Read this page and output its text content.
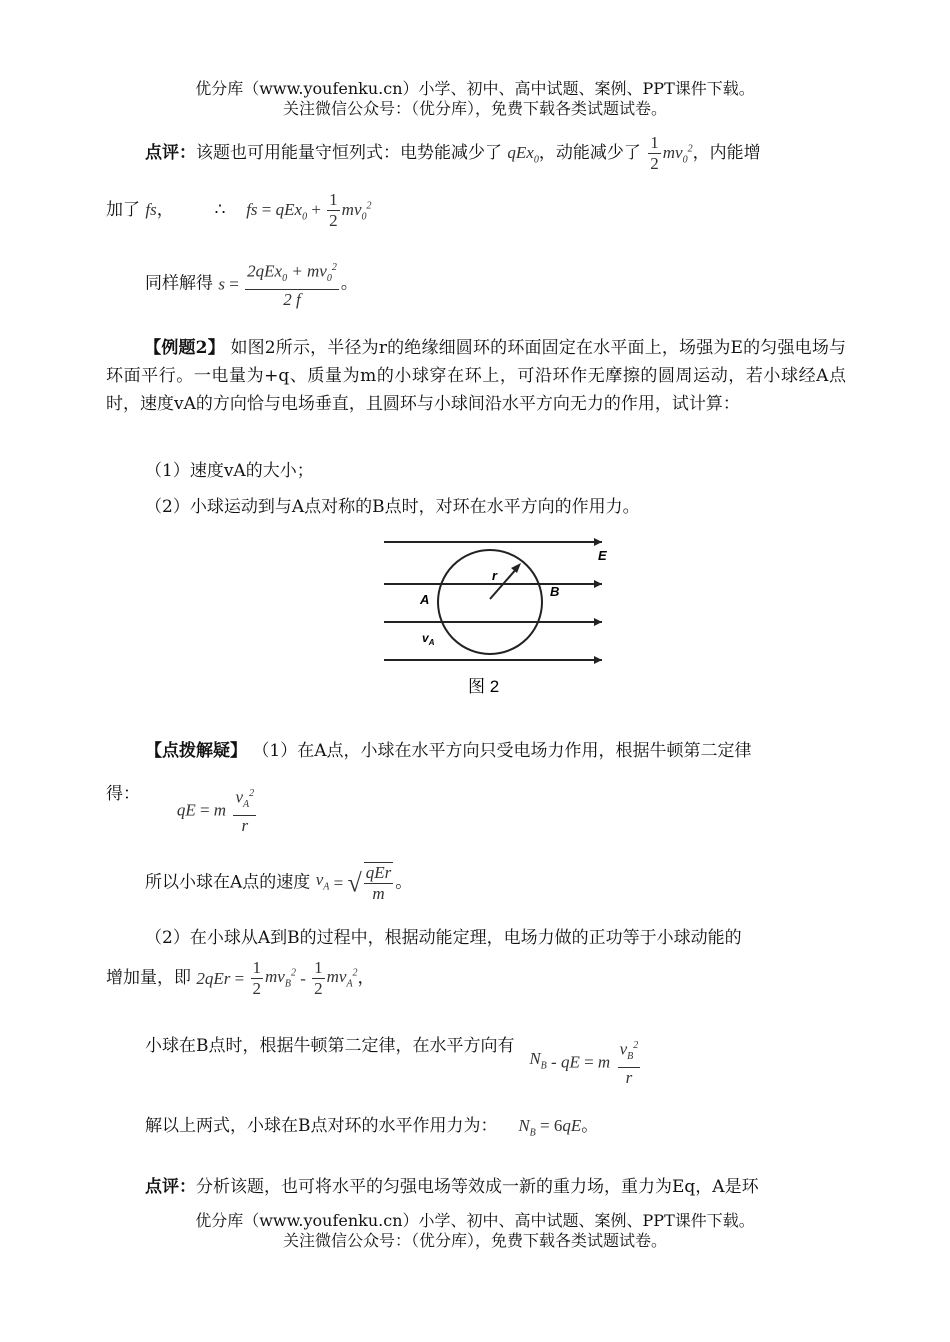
优分库（www.youfenku.cn）小学、初中、高中试题、案例、PPT课件下载。
关注微信公众号：（优分库），免费下载各类试题试卷。
点评：该题也可用能量守恒列式：电势能减少了 qEx$_0$，动能减少了 $\frac{1}{2} mv_0^2$，内能增
加了 fs， ∴ fs = $qEx_0 + \frac{1}{2} mv_0^2$
同样解得 $s = \frac{2qEx_0 + mv_0^2}{2 f}$ 。
【例题2】 如图2所示，半径为r的绝缘细圆环的环面固定在水平面上，场强为E的匀强电场与环面平行。一电量为+q、质量为m的小球穿在环上，可沿环作无摩擦的圆周运动，若小球经A点时，速度vA的方向恰与电场垂直，且圆环与小球间沿水平方向无力的作用，试计算：
（1）速度vA的大小；
（2）小球运动到与A点对称的B点时，对环在水平方向的作用力。
E
r
A
B
$v_A$
图 2
【点拨解疑】 （1）在A点，小球在水平方向只受电场力作用，根据牛顿第二定律
得：  qE = m $\frac{v_A^2}{r}$
所以小球在A点的速度 $v_A$ = √ $\frac{\text{qEr}}{m}$ 。
（2）在小球从A到B的过程中，根据动能定理，电场力做的正功等于小球动能的
增加量，即 $2qEr = \frac{1}{2} mv_B^2 - \frac{1}{2} mv_A^2$，
小球在B点时，根据牛顿第二定律，在水平方向有  $N_B$ - qE = m $\frac{v_B^2}{r}$
解以上两式，小球在B点对环的水平作用力为： $N_B = 6qE$。
点评：分析该题，也可将水平的匀强电场等效成一新的重力场，重力为Eq，A是环
优分库（www.youfenku.cn）小学、初中、高中试题、案例、PPT课件下载。
关注微信公众号：（优分库），免费下载各类试题试卷。
